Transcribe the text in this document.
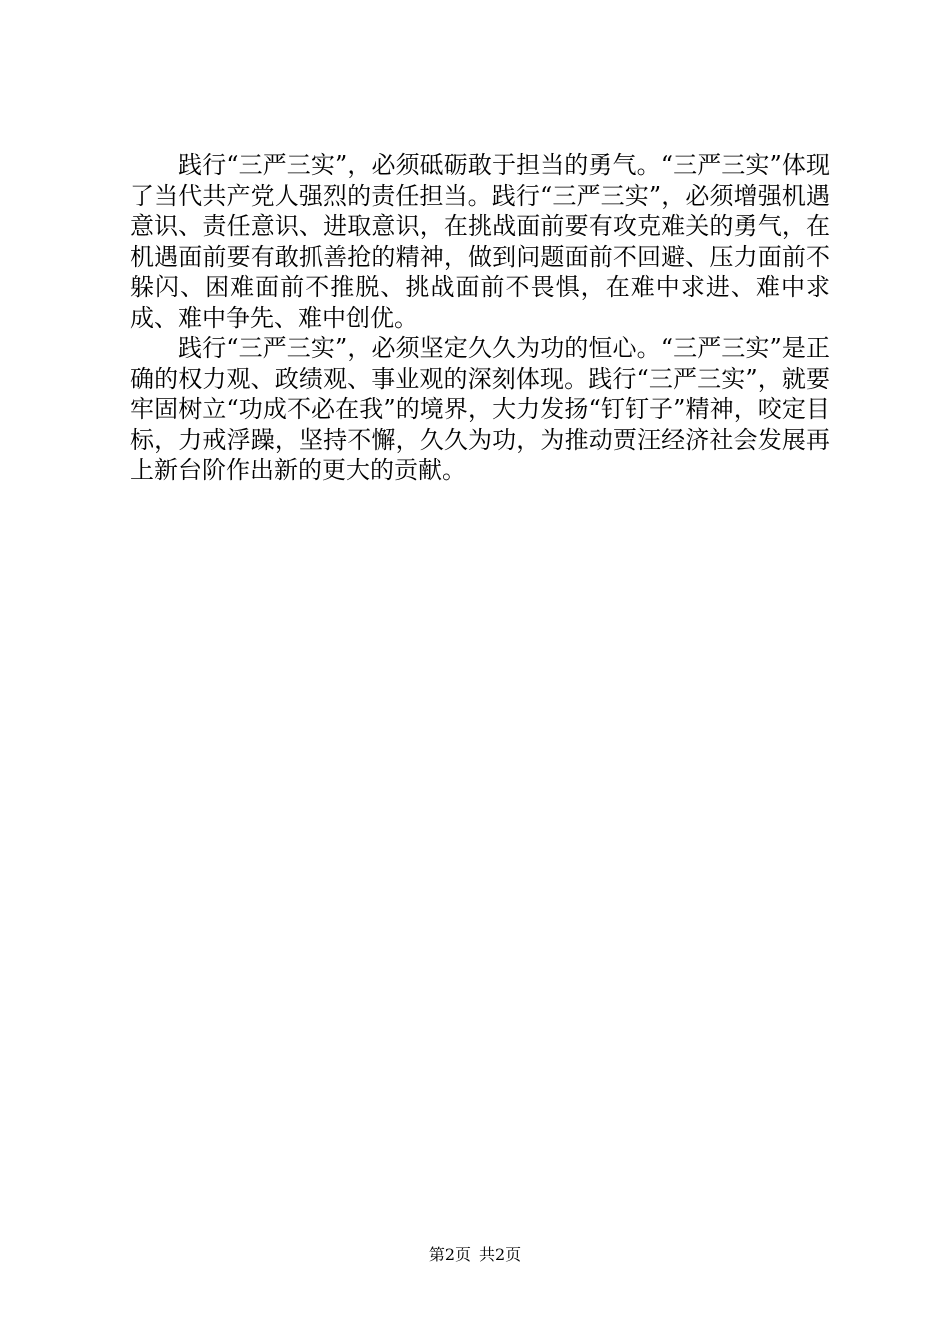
践行“三严三实”，必须砥砺敢于担当的勇气。“三严三实”体现了当代共产党人强烈的责任担当。践行“三严三实”，必须增强机遇意识、责任意识、进取意识，在挑战面前要有攻克难关的勇气，在机遇面前要有敢抓善抢的精神，做到问题面前不回避、压力面前不躲闪、困难面前不推脱、挑战面前不畏惧，在难中求进、难中求成、难中争先、难中创优。

践行“三严三实”，必须坚定久久为功的恒心。“三严三实”是正确的权力观、政绩观、事业观的深刻体现。践行“三严三实”，就要牢固树立“功成不必在我”的境界，大力发扬“钉钉子”精神，咬定目标，力戒浮躁，坚持不懈，久久为功，为推动贾汪经济社会发展再上新台阶作出新的更大的贡献。

第2页 共2页
